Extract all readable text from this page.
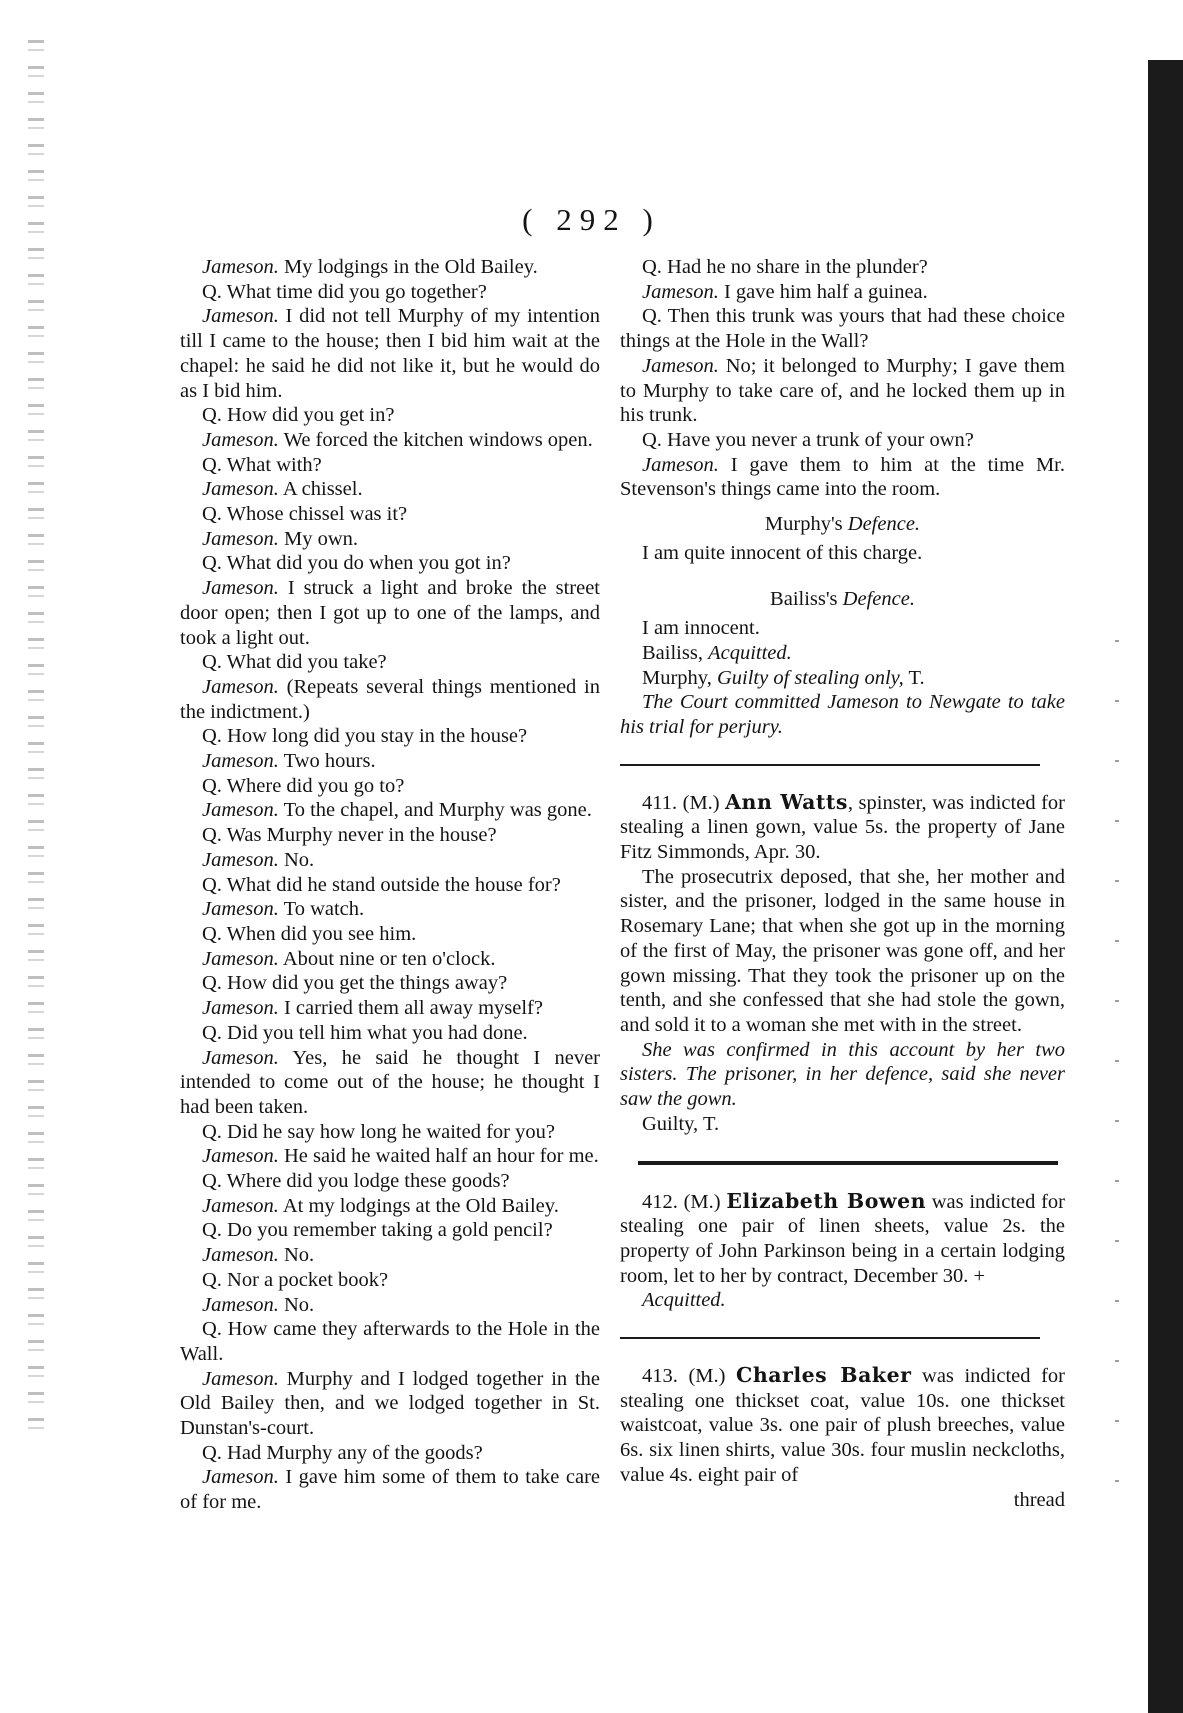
( 292 )

Jameson. My lodgings in the Old Bailey.

Q. What time did you go together?

Jameson. I did not tell Murphy of my intention till I came to the house; then I bid him wait at the chapel: he said he did not like it, but he would do as I bid him.

Q. How did you get in?

Jameson. We forced the kitchen windows open.

Q. What with?

Jameson. A chissel.

Q. Whose chissel was it?

Jameson. My own.

Q. What did you do when you got in?

Jameson. I struck a light and broke the street door open; then I got up to one of the lamps, and took a light out.

Q. What did you take?

Jameson. (Repeats several things mentioned in the indictment.)

Q. How long did you stay in the house?

Jameson. Two hours.

Q. Where did you go to?

Jameson. To the chapel, and Murphy was gone.

Q. Was Murphy never in the house?

Jameson. No.

Q. What did he stand outside the house for?

Jameson. To watch.

Q. When did you see him.

Jameson. About nine or ten o'clock.

Q. How did you get the things away?

Jameson. I carried them all away myself?

Q. Did you tell him what you had done.

Jameson. Yes, he said he thought I never intended to come out of the house; he thought I had been taken.

Q. Did he say how long he waited for you?

Jameson. He said he waited half an hour for me.

Q. Where did you lodge these goods?

Jameson. At my lodgings at the Old Bailey.

Q. Do you remember taking a gold pencil?

Jameson. No.

Q. Nor a pocket book?

Jameson. No.

Q. How came they afterwards to the Hole in the Wall.

Jameson. Murphy and I lodged together in the Old Bailey then, and we lodged together in St. Dunstan's-court.

Q. Had Murphy any of the goods?

Jameson. I gave him some of them to take care of for me.

Q. Had he no share in the plunder?

Jameson. I gave him half a guinea.

Q. Then this trunk was yours that had these choice things at the Hole in the Wall?

Jameson. No; it belonged to Murphy; I gave them to Murphy to take care of, and he locked them up in his trunk.

Q. Have you never a trunk of your own?

Jameson. I gave them to him at the time Mr. Stevenson's things came into the room.

Murphy's Defence.

I am quite innocent of this charge.

Bailiss's Defence.

I am innocent.

Bailiss, Acquitted.

Murphy, Guilty of stealing only, T.

The Court committed Jameson to Newgate to take his trial for perjury.

411. (M.) Ann Watts, spinster, was indicted for stealing a linen gown, value 5s. the property of Jane Fitz Simmonds, Apr. 30.

The prosecutrix deposed, that she, her mother and sister, and the prisoner, lodged in the same house in Rosemary Lane; that when she got up in the morning of the first of May, the prisoner was gone off, and her gown missing. That they took the prisoner up on the tenth, and she confessed that she had stole the gown, and sold it to a woman she met with in the street.

She was confirmed in this account by her two sisters. The prisoner, in her defence, said she never saw the gown.

Guilty, T.

412. (M.) Elizabeth Bowen was indicted for stealing one pair of linen sheets, value 2s. the property of John Parkinson being in a certain lodging room, let to her by contract, December 30. +

Acquitted.

413. (M.) Charles Baker was indicted for stealing one thickset coat, value 10s. one thickset waistcoat, value 3s. one pair of plush breeches, value 6s. six linen shirts, value 30s. four muslin neckcloths, value 4s. eight pair of

thread
